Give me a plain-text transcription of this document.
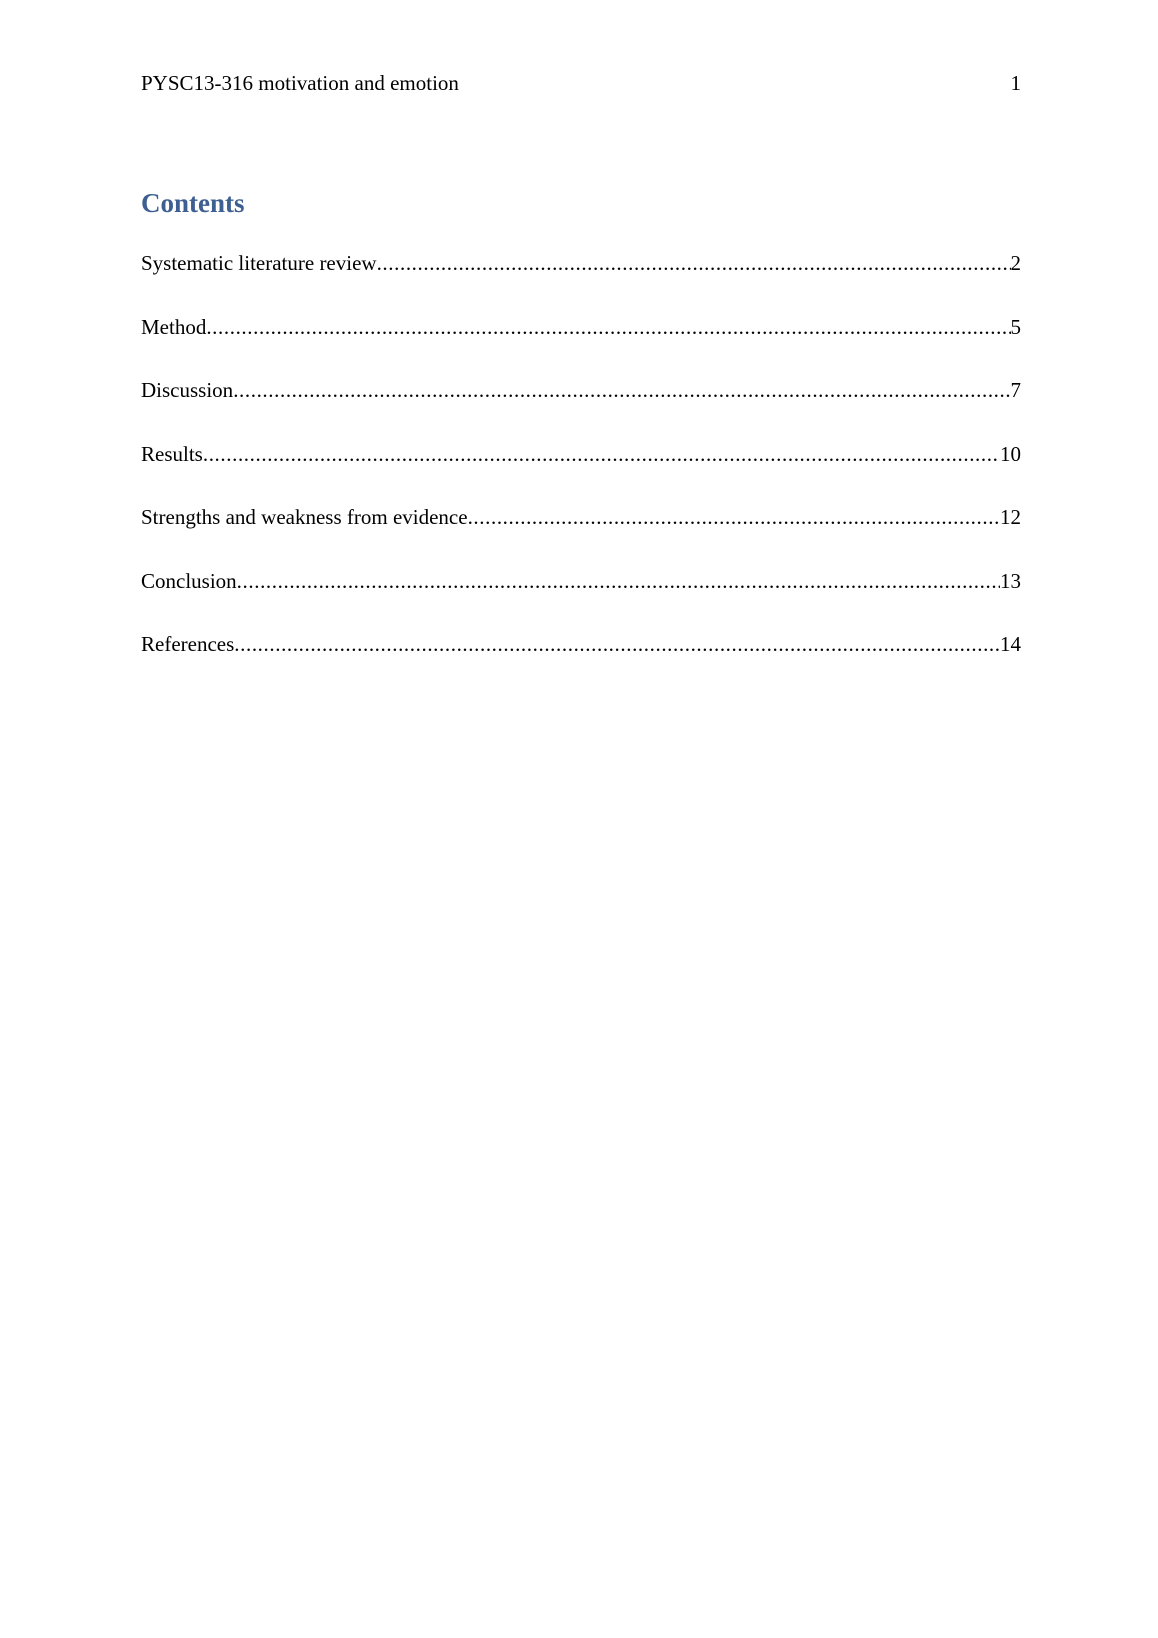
PYSC13-316 motivation and emotion	1
Contents
Systematic literature review .....	2
Method .....	5
Discussion .....	7
Results .....	10
Strengths and weakness from evidence .....	12
Conclusion .....	13
References .....	14
